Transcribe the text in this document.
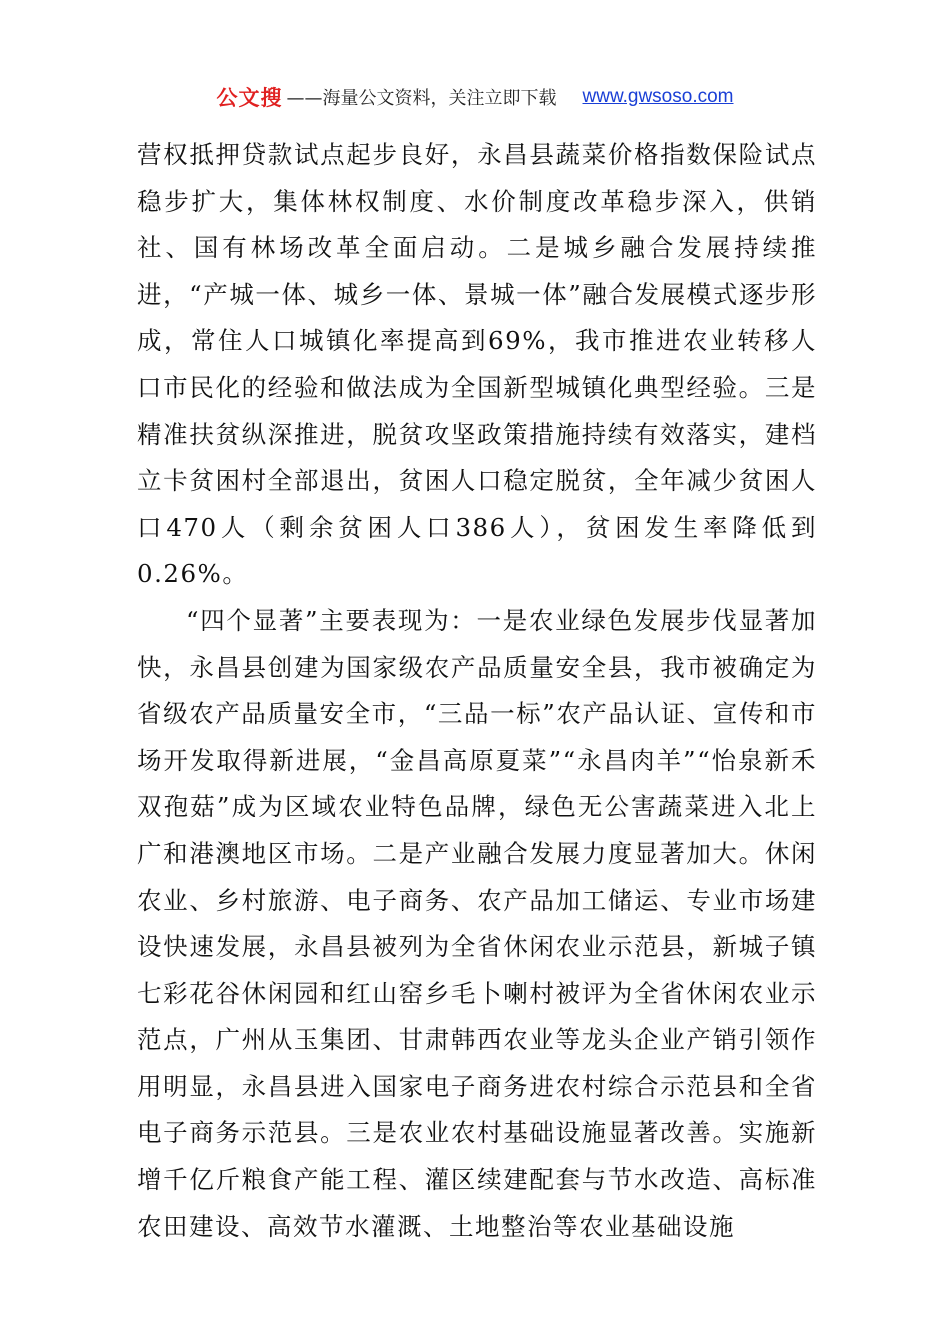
公文搜 ——海量公文资料，关注立即下载 www.gwsoso.com

营权抵押贷款试点起步良好，永昌县蔬菜价格指数保险试点稳步扩大，集体林权制度、水价制度改革稳步深入，供销社、国有林场改革全面启动。二是城乡融合发展持续推进，“产城一体、城乡一体、景城一体”融合发展模式逐步形成，常住人口城镇化率提高到69%，我市推进农业转移人口市民化的经验和做法成为全国新型城镇化典型经验。三是精准扶贫纵深推进，脱贫攻坚政策措施持续有效落实，建档立卡贫困村全部退出，贫困人口稳定脱贫，全年减少贫困人口470人（剩余贫困人口386人），贫困发生率降低到0.26%。

“四个显著”主要表现为：一是农业绿色发展步伐显著加快，永昌县创建为国家级农产品质量安全县，我市被确定为省级农产品质量安全市，“三品一标”农产品认证、宣传和市场开发取得新进展，“金昌高原夏菜”“永昌肉羊”“怡泉新禾双孢菇”成为区域农业特色品牌，绿色无公害蔬菜进入北上广和港澳地区市场。二是产业融合发展力度显著加大。休闲农业、乡村旅游、电子商务、农产品加工储运、专业市场建设快速发展，永昌县被列为全省休闲农业示范县，新城子镇七彩花谷休闲园和红山窑乡毛卜喇村被评为全省休闲农业示范点，广州从玉集团、甘肃韩西农业等龙头企业产销引领作用明显，永昌县进入国家电子商务进农村综合示范县和全省电子商务示范县。三是农业农村基础设施显著改善。实施新增千亿斤粮食产能工程、灌区续建配套与节水改造、高标准农田建设、高效节水灌溉、土地整治等农业基础设施
